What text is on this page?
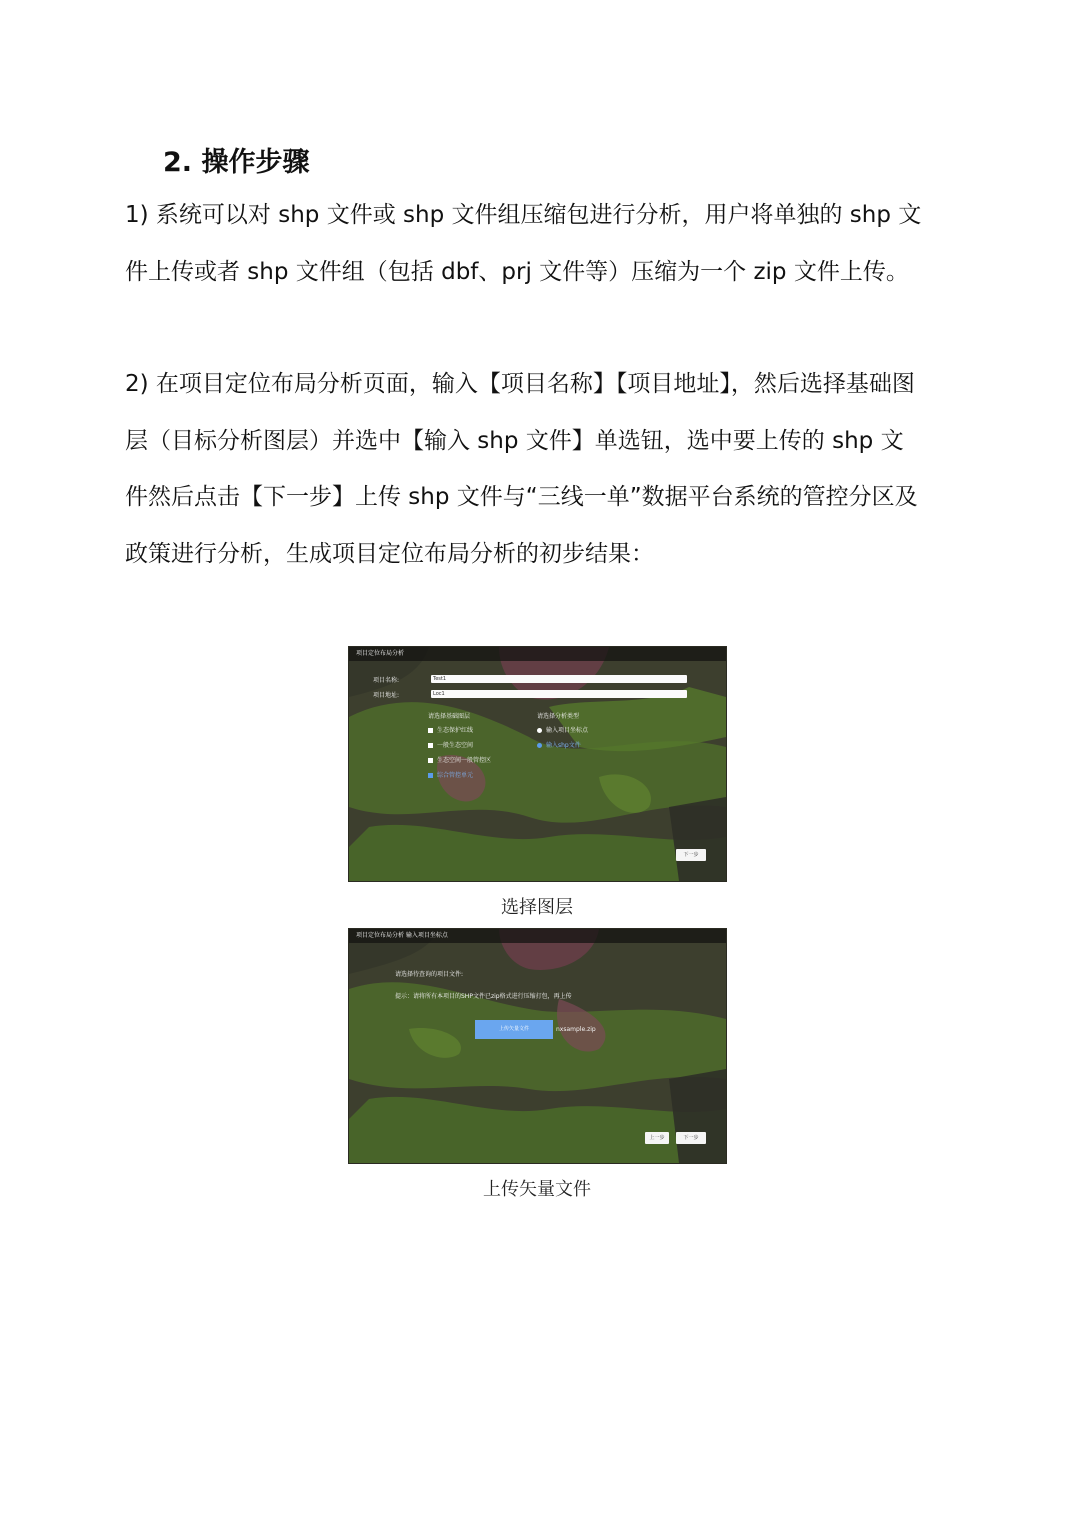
2. 操作步骤

1) 系统可以对 shp 文件或 shp 文件组压缩包进行分析，用户将单独的 shp 文件上传或者 shp 文件组（包括 dbf、prj 文件等）压缩为一个 zip 文件上传。

2) 在项目定位布局分析页面，输入【项目名称】【项目地址】，然后选择基础图层（目标分析图层）并选中【输入 shp 文件】单选钮，选中要上传的 shp 文件然后点击【下一步】上传 shp 文件与“三线一单”数据平台系统的管控分区及政策进行分析，生成项目定位布局分析的初步结果：

项目定位布局分析
项目名称:	Test1
项目地址:	Loc1
请选择基础图层
生态保护红线
一般生态空间
生态空间一般管控区
综合管控单元
请选择分析类型
输入项目坐标点
输入shp文件
下一步
选择图层
项目定位布局分析 输入项目坐标点
请选择待查询的项目文件:
提示：请将所有本项目的SHP文件已zip格式进行压缩打包，再上传
上传矢量文件	nxsample.zip
上一步	下一步
上传矢量文件
